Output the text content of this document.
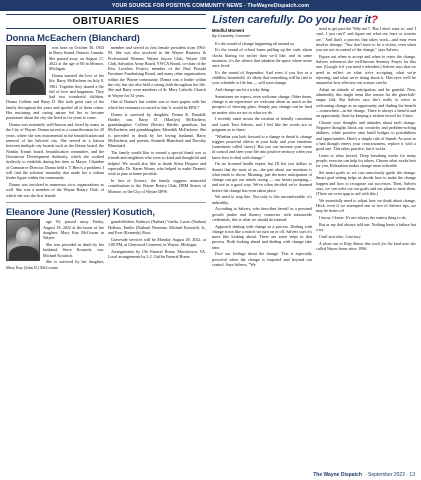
YOUR SOURCE FOR POSITIVE COMMUNITY NEWS - TheWayneDispatch.com
OBITUARIES
Donna McEachern (Blanchard)

was born on October 30, 1943 in Barry Sound, Ontario, Canada. She passed away on August 17, 2022 at the age of 80 in Monroe, Michigan.

Donna married the love of her life, Barry McEachern on July 8, 1961. Together they shared a life full of love and happiness. They had two wonderful children, Donna Colleen and Barry D. She took great care of her family throughout the years and spoiled all of them rotten. Her nurturing and caring nature led her to become passionate about the city she lived in for years to come.

Donna was extremely well-known and loved by many in the City of Wayne. Donna served as a councilwoman for 20 years, where she was instrumental in the beautification and renewal of her beloved city. She served as a liaison between multiple city boards such as the library board, the Nankin Transit board, beautification committee, and the Downtown Development Authority, which she worked tirelessly to establish during her time as Mayor. Chamber of Commerce Director. Donna held a '5' Hero's a problem. I will find the solution' mentality that made her a valiant leader figure within the community.

Donna was involved in numerous civic organizations as well. She was a member of the Wayne Rotary Club, of which she was the first female

member and served as first female president from 1992-93. She was also involved in the Wayne Business & Professional Women, Wayne Jaycee Club, Wayne 100 Club, Salvation Army Board, YWCA Board, co-chair of the Kiss Loveless Project, member of the Paul Prusaki Furniture Fundraising Board, and many other organizations within the Wayne community. Donna was a leader within the city, but she also held a strong faith throughout her life. She and Barry were members of St. Mary Catholic Church in Wayne for 54 years.

One of Donna's last wishes was to have papers with her which her remnants occurred so that 'it would be EPIC!'

Donna is survived by daughter, Donna K. Randall; Hardie; son, Barry D. (Marilyn) McEachern; granddaughter, Colleen (Kevin) Hardie; grandson, Ian McEachern; and granddaughter, Meredith McEachern. She is preceded in death by her loving husband, Barry McEachern, and parents, Kenneth Blanchard and Dorothy Blanchard.

The family would like to extend a special thank you to friends and neighbors who were so kind and thoughtful and helpful. We would also like to thank Arbor Hospice and especially Dr. Karen Wozny who helped to make Donna's wish to pass at home possible.

In lieu of flowers, the family suggests memorial contributions to the Wayne Rotary Club, DBM Sisters of Monroe, or the City of Wayne DPW.

Eleanore June (Ressler) Kosutich,

age 93, passed away Friday, August 19, 2022 at the home of her daughter, Mary Kay McCowan in Wayne.

She was preceded in death by her husband, Steve Kosutich, son, Michael Kosutich.

She is survived by her daughter, Mary Kay (John D.) McCowan;

grandchildren, Kathryn (Nathan) Vuelta, Lucas (Nathan) Hollons, Emilie (Nathan) Newman, Michael Kosutich, Jr., and Ever (Kennedy) Ross.

Graveside services will be Monday August 29, 2022, at 1:00 PM, at Glenwood Cemetery in Wayne, Michigan.

Arrangements by Uht Funeral Home, Morristown, VA. Local arrangements by L.J. Griffin Funeral Home.

Listen carefully. Do you hear it?
Mindful Moment
By Courtney Conover

It's the sound of change happening all around us.

It's the sound of school buses pulling up the curb, alarm clocks blaring for earlier than we'd like, and in some instances, it's the silence that inhabits the space where noise once lived.

It's the sound of September. And even if you live in a childless household, it's likely that something will be tied to your schedule or life has — will soon change.

And change can be a tricky thing.

Sometimes we expect, even welcome change. Other times, change is an experience we welcome about as much as the prospect of chewing glass. Simply put, change can be hard no matter who we are or what we do.

I recently came across the wisdom of friendly consultant and coach Terri Salvers, and I feel like her words are so poignant as to share:

"Whether you look forward to a change or dread it, change triggers powerful effects in your body and your emotions (sometimes called 'stress'). But you can increase your sense of control and steer your life into positive territory when you know how to deal with change."

I'm no licensed health expert, but I'll bet you dollars to donuts that the most of us—the part about our emotions is what tends to throw. Meaning, just the mere anticipation of change can get our minds racing — our hearts pumping—and not in a good way. We've often decided we're doomed before the change has even taken place.

We need to stop this. Not only is this uncomfortable, it's unhealthy.

According to Salvers, who describes herself as a personal growth junkie and fluency connector with nationwide credentials, this is what we should do instead:

Approach dealing with change as a process. Dealing with change is not like a switch we turn on or off. Salvers says it's more like looking ahead. There are some steps in that process. Both looking ahead and dealing with change take time.

Face our feelings about the change. This is especially powerful when the change is imposed and beyond our control. Says Salvers, "We

need to get past the 'Why me?', 'But I don't want to', and 'I can't, I just can't!' and figure out what our fears or worries are." And that's a process that takes work—and may even involve therapy. "You don't have to be a victim, even when you are not in control of the change," says Salvers.

Figure out when to accept and when to reject the change. Salvers references the well-known Serenity Prayer for this one. (Google it if you need a refresher.) Salvers says that we need to reflect on what we're accepting, what we're rejecting, and what we're doing about it. Hits eyes we'll be amazed at how effective our actions can be.

Adopt an attitude of anticipation, and be grateful. Now, admittedly, this might seem like torture for the glass-half-empty folk. But Salvers says she's really to strive to welcoming change as an opportunity and finding the benefit—somewhere—in the change. There is always a benefit and an opportunity. Start by keeping a written record for 3 days.

Choose your thoughts and attitudes about each change. Negative thoughts block our creativity and problem-solving abilities, while positive ones build bridges to possibilities and opportunities. Here's a simple rule of thumb: As soon as a bad thought enters your consciousness, replace it with a good one. This takes practice, but it works.

Learn to relax (more). Deep breathing works for many people, exercise can help for others. Choose what works best for you. Relaxation makes change more tolerable.

Set smart goals so we can consciously guide the change. Smart goal setting helps us decide how to make the change happen and how to recognize our successes. Then, Salvers says, we can write out our goals and our plans to meet them. (There are even apps to aid with this.)

We essentially need to adjust how we think about change. Heck, even if we attempted one or two of Salvers tips, we may be better off.

I know, I know. It's not always the easiest thing to do.

But as my dad always told me: Nothing beats a failure but a try.

Until next time, Courtney

A shout out to Kitty Simon this week for the kind note she called Wayne home since 1996.

The Wayne Dispatch · September 2022 · 13
